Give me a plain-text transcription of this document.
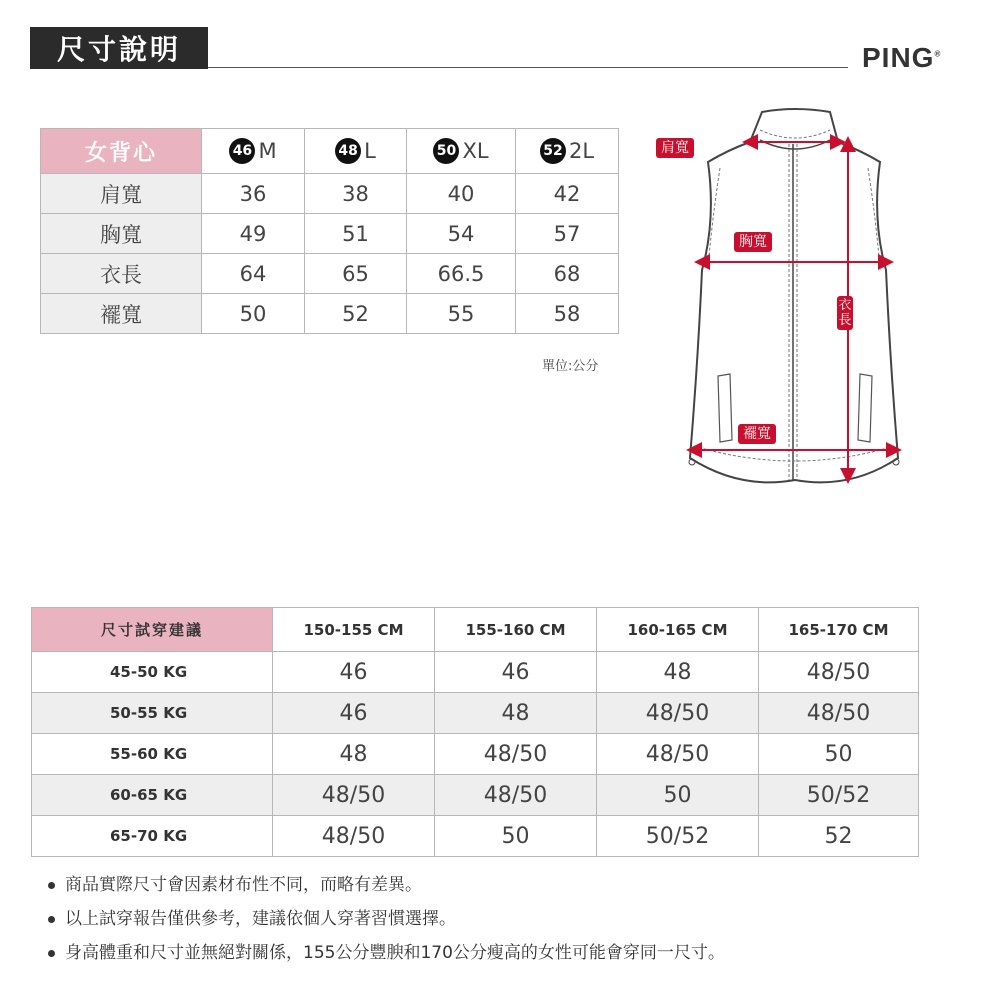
尺寸說明	PING®
女背心	46 M	48 L	50 XL	52 2L
肩寬	36	38	40	42
胸寬	49	51	54	57
衣長	64	65	66.5	68
襬寬	50	52	55	58
單位:公分
肩寬
胸寬
衣長
襬寬
尺寸試穿建議	150-155 CM	155-160 CM	160-165 CM	165-170 CM
45-50 KG	46	46	48	48/50
50-55 KG	46	48	48/50	48/50
55-60 KG	48	48/50	48/50	50
60-65 KG	48/50	48/50	50	50/52
65-70 KG	48/50	50	50/52	52
商品實際尺寸會因素材布性不同，而略有差異。
以上試穿報告僅供參考，建議依個人穿著習慣選擇。
身高體重和尺寸並無絕對關係，155公分豐腴和170公分瘦高的女性可能會穿同一尺寸。
